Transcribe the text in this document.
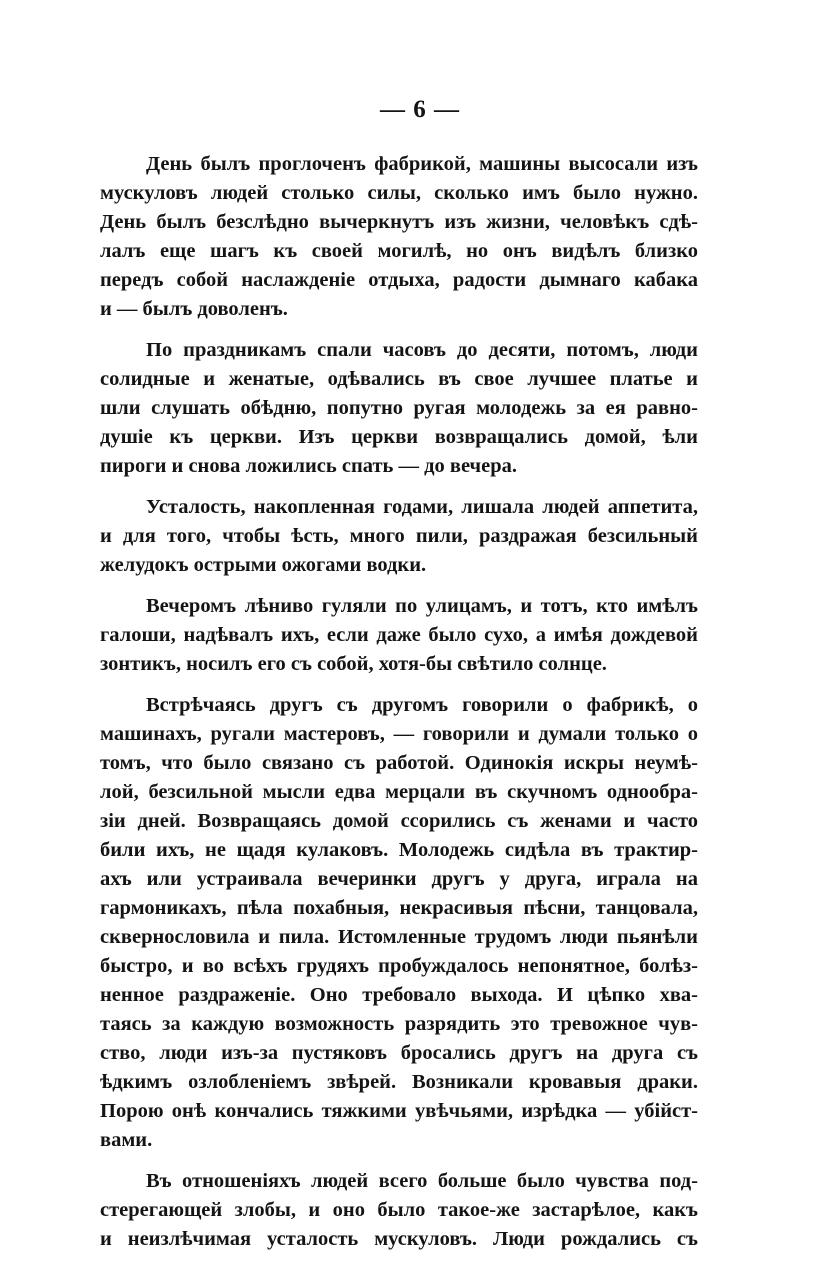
— 6 —
День былъ проглоченъ фабрикой, машины высосали изъ
мускуловъ людей столько силы, сколько имъ было нужно.
День былъ безслѣдно вычеркнутъ изъ жизни, человѣкъ сдѣ-
лалъ еще шагъ къ своей могилѣ, но онъ видѣлъ близко
передъ собой наслажденіе отдыха, радости дымнаго кабака
и — былъ доволенъ.
По праздникамъ спали часовъ до десяти, потомъ, люди
солидные и женатые, одѣвались въ свое лучшее платье и
шли слушать обѣдню, попутно ругая молодежь за ея равно-
душіе къ церкви. Изъ церкви возвращались домой, ѣли
пироги и снова ложились спать — до вечера.
Усталость, накопленная годами, лишала людей аппетита,
и для того, чтобы ѣсть, много пили, раздражая безсильный
желудокъ острыми ожогами водки.
Вечеромъ лѣниво гуляли по улицамъ, и тотъ, кто имѣлъ
галоши, надѣвалъ ихъ, если даже было сухо, а имѣя дождевой
зонтикъ, носилъ его съ собой, хотя-бы свѣтило солнце.
Встрѣчаясь другъ съ другомъ говорили о фабрикѣ, о
машинахъ, ругали мастеровъ, — говорили и думали только о
томъ, что было связано съ работой. Одинокія искры неумѣ-
лой, безсильной мысли едва мерцали въ скучномъ однообра-
зіи дней. Возвращаясь домой ссорились съ женами и часто
били ихъ, не щадя кулаковъ. Молодежь сидѣла въ трактир-
ахъ или устраивала вечеринки другъ у друга, играла на
гармоникахъ, пѣла похабныя, некрасивыя пѣсни, танцовала,
сквернословила и пила. Истомленные трудомъ люди пьянѣли
быстро, и во всѣхъ грудяхъ пробуждалось непонятное, болѣз-
ненное раздраженіе. Оно требовало выхода. И цѣпко хва-
таясь за каждую возможность разрядить это тревожное чув-
ство, люди изъ-за пустяковъ бросались другъ на друга съ
ѣдкимъ озлобленіемъ звѣрей. Возникали кровавыя драки.
Порою онѣ кончались тяжкими увѣчьями, изрѣдка — убійст-
вами.
Въ отношеніяхъ людей всего больше было чувства под-
стерегающей злобы, и оно было такое-же застарѣлое, какъ
и неизлѣчимая усталость мускуловъ. Люди рождались съ
